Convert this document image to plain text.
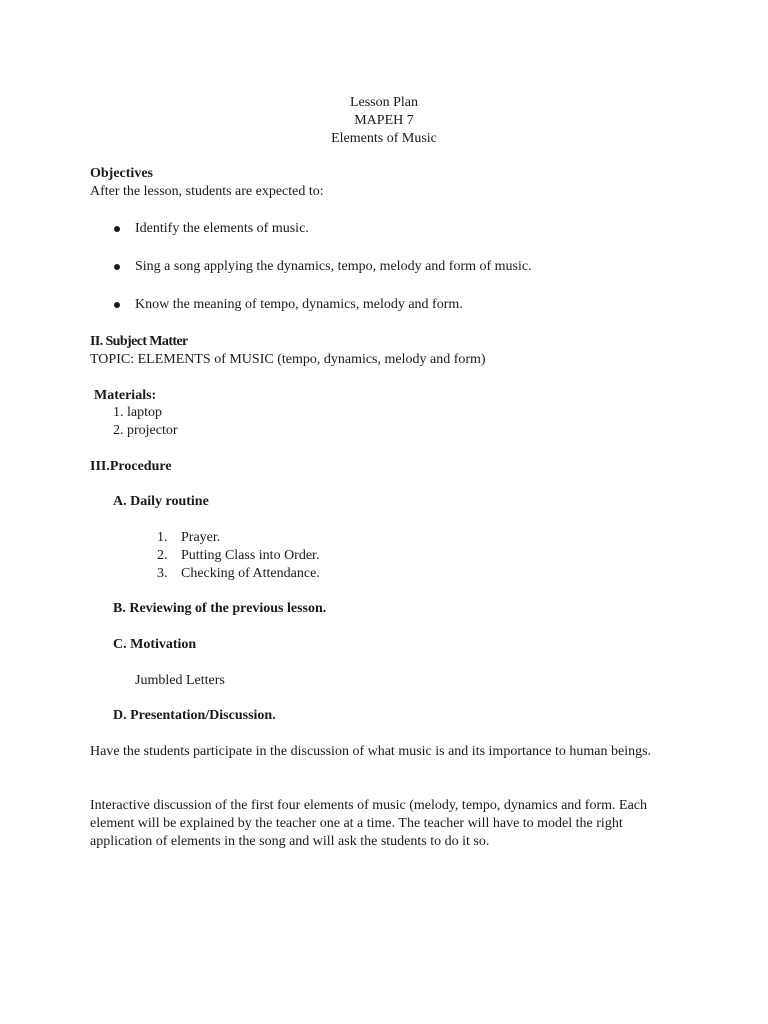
Lesson Plan
MAPEH 7
Elements of Music
Objectives
After the lesson, students are expected to:
Identify the elements of music.
Sing a song applying the dynamics, tempo, melody and form of music.
Know the meaning of tempo, dynamics, melody and form.
II. Subject Matter
TOPIC: ELEMENTS of MUSIC (tempo, dynamics, melody and form)
Materials:
1. laptop
2. projector
III.Procedure
A. Daily routine
1. Prayer.
2. Putting Class into Order.
3. Checking of Attendance.
B. Reviewing of the previous lesson.
C. Motivation
Jumbled Letters
D. Presentation/Discussion.
Have the students participate in the discussion of what music is and its importance to human beings.
Interactive discussion of the first four elements of music (melody, tempo, dynamics and form. Each element will be explained by the teacher one at a time. The teacher will have to model the right application of elements in the song and will ask the students to do it so.
